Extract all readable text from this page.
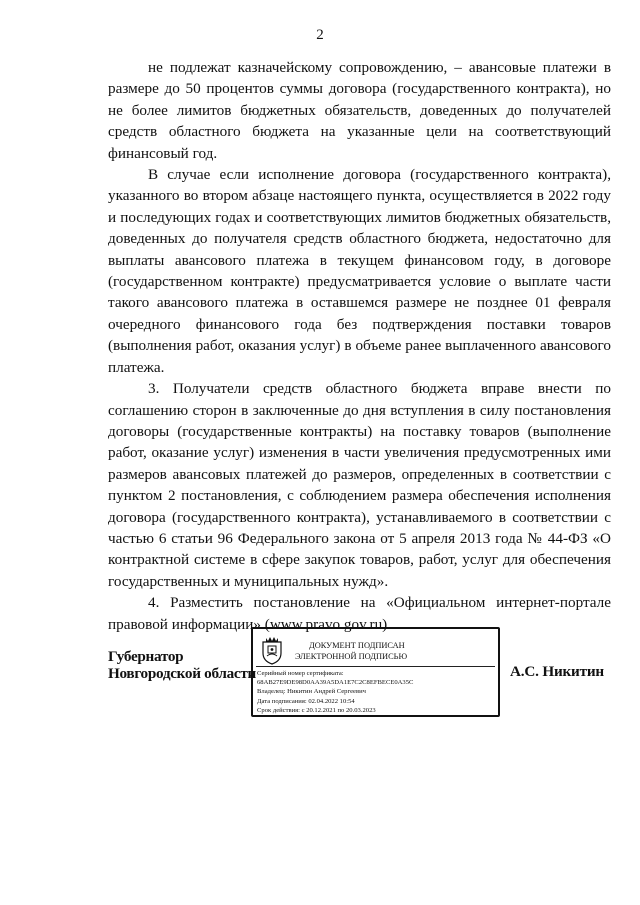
2

не подлежат казначейскому сопровождению, – авансовые платежи в размере до 50 процентов суммы договора (государственного контракта), но не более лимитов бюджетных обязательств, доведенных до получателей средств областного бюджета на указанные цели на соответствующий финансовый год.

В случае если исполнение договора (государственного контракта), указанного во втором абзаце настоящего пункта, осуществляется в 2022 году и последующих годах и соответствующих лимитов бюджетных обязательств, доведенных до получателя средств областного бюджета, недостаточно для выплаты авансового платежа в текущем финансовом году, в договоре (государственном контракте) предусматривается условие о выплате части такого авансового платежа в оставшемся размере не позднее 01 февраля очередного финансового года без подтверждения поставки товаров (выполнения работ, оказания услуг) в объеме ранее выплаченного авансового платежа.

3. Получатели средств областного бюджета вправе внести по соглашению сторон в заключенные до дня вступления в силу постановления договоры (государственные контракты) на поставку товаров (выполнение работ, оказание услуг) изменения в части увеличения предусмотренных ими размеров авансовых платежей до размеров, определенных в соответствии с пунктом 2 постановления, с соблюдением размера обеспечения исполнения договора (государственного контракта), устанавливаемого в соответствии с частью 6 статьи 96 Федерального закона от 5 апреля 2013 года № 44-ФЗ «О контрактной системе в сфере закупок товаров, работ, услуг для обеспечения государственных и муниципальных нужд».

4. Разместить постановление на «Официальном интернет-портале правовой информации» (www.pravo.gov.ru).

Губернатор
Новгородской области
ДОКУМЕНТ ПОДПИСАН
ЭЛЕКТРОННОЙ ПОДПИСЬЮ
Серийный номер сертификата:
68AB27E9DE98D0AA39A5DA1E7C2C8EFBECE0A35C
Владелец: Никитин Андрей Сергеевич
Дата подписания: 02.04.2022 10:54
Срок действия: с 20.12.2021 по 20.03.2023
А.С. Никитин
